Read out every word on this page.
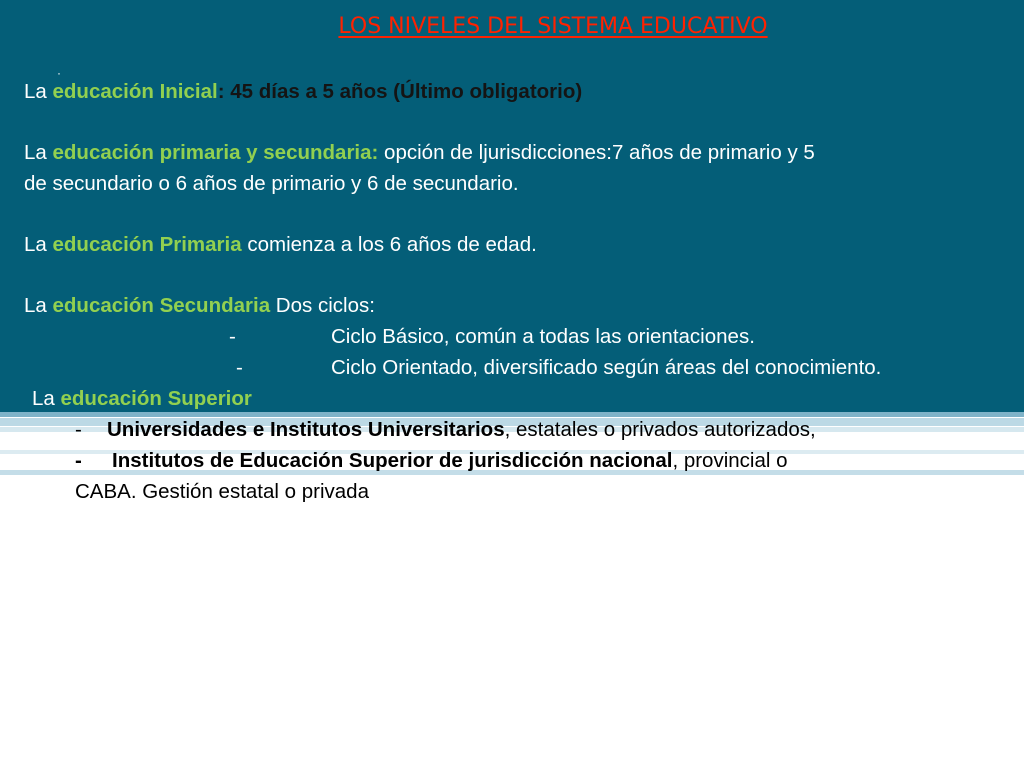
LOS NIVELES DEL SISTEMA EDUCATIVO
·
La educación Inicial: 45 días a 5 años (Último obligatorio)
La educación primaria y secundaria: opción de ljurisdicciones:7 años de primario y 5
de secundario o 6 años de primario y 6 de secundario.
La educación Primaria comienza a los 6 años de edad.
La educación Secundaria Dos ciclos:
-	Ciclo Básico, común a todas las orientaciones.
-	Ciclo Orientado, diversificado según áreas del conocimiento.
La educación Superior
- Universidades e Institutos Universitarios, estatales o privados autorizados,
- Institutos de Educación Superior de jurisdicción nacional, provincial o
CABA. Gestión estatal o privada
